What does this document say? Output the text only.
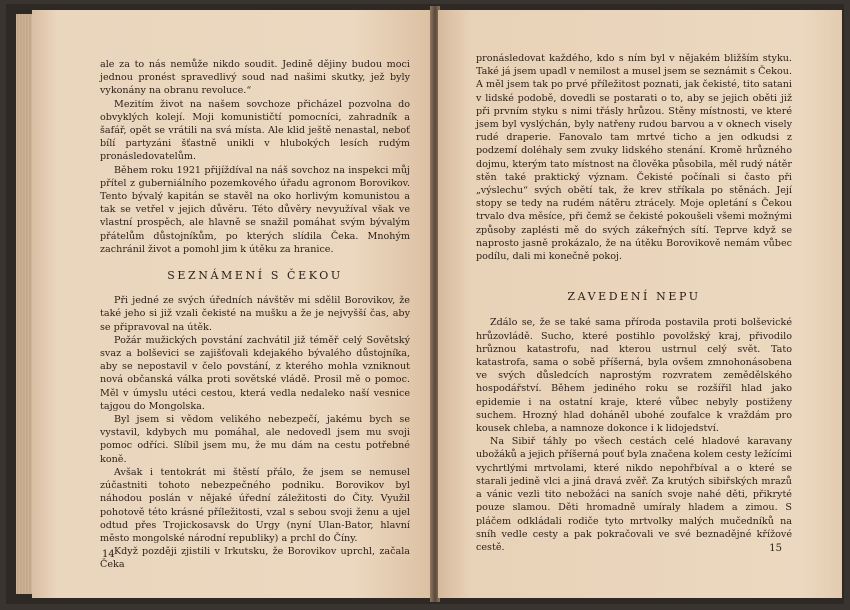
ale za to nás nemůže nikdo soudit. Jedině dějiny budou moci jednou pronést spravedlivý soud nad našimi skutky, jež byly vykonány na obranu revoluce.“

Mezitím život na našem sovchoze přicházel pozvolna do obvyklých kolejí. Moji komunističtí pomocníci, zahradník a šafář, opět se vrátili na svá místa. Ale klid ještě nenastal, neboť bílí partyzáni šťastně unikli v hlubokých lesích rudým pronásledovatelům.

Během roku 1921 přijíždíval na náš sovchoz na inspekci můj přítel z guberniálního pozemkového úřadu agronom Borovikov. Tento bývalý kapitán se stavěl na oko horlivým komunistou a tak se vetřel v jejich důvěru. Této důvěry nevyužíval však ve vlastní prospěch, ale hlavně se snažil pomáhat svým bývalým přátelům důstojníkům, po kterých slídila Čeka. Mnohým zachránil život a pomohl jim k útěku za hranice.

SEZNÁMENÍ S ČEKOU

Při jedné ze svých úředních návštěv mi sdělil Borovikov, že také jeho si již vzali čekisté na mušku a že je nejvyšší čas, aby se připravoval na útěk.

Požár mužických povstání zachvátil již téměř celý Sovětský svaz a bolševici se zajišťovali kdejakého bývalého důstojníka, aby se nepostavil v čelo povstání, z kterého mohla vzniknout nová občanská válka proti sovětské vládě. Prosil mě o pomoc. Měl v úmyslu utéci cestou, která vedla nedaleko naší vesnice tajgou do Mongolska.

Byl jsem si vědom velikého nebezpečí, jakému bych se vystavil, kdybych mu pomáhal, ale nedovedl jsem mu svoji pomoc odříci. Slíbil jsem mu, že mu dám na cestu potřebné koně.

Avšak i tentokrát mi štěstí přálo, že jsem se nemusel zúčastniti tohoto nebezpečného podniku. Borovikov byl náhodou poslán v nějaké úřední záležitosti do Čity. Využil pohotově této krásné příležitosti, vzal s sebou svoji ženu a ujel odtud přes Trojickosavsk do Urgy (nyní Ulan-Bator, hlavní město mongolské národní republiky) a prchl do Číny.

Když později zjistili v Irkutsku, že Borovikov uprchl, začala Čeka

14

pronásledovat každého, kdo s ním byl v nějakém bližším styku. Také já jsem upadl v nemilost a musel jsem se seznámit s Čekou. A měl jsem tak po prvé příležitost poznati, jak čekisté, tito satani v lidské podobě, dovedli se postarati o to, aby se jejich oběti již při prvním styku s nimi třásly hrůzou. Stěny místnosti, ve které jsem byl vyslýchán, byly natřeny rudou barvou a v oknech visely rudé draperie. Fanovalo tam mrtvé ticho a jen odkudsi z podzemí doléhaly sem zvuky lidského stenání. Kromě hrůzného dojmu, kterým tato místnost na člověka působila, měl rudý nátěr stěn také praktický význam. Čekisté počínali si často při „výslechu“ svých obětí tak, že krev stříkala po stěnách. Její stopy se tedy na rudém nátěru ztrácely. Moje opletání s Čekou trvalo dva měsíce, při čemž se čekisté pokoušeli všemi možnými způsoby zaplésti mě do svých zákeřných sítí. Teprve když se naprosto jasně prokázalo, že na útěku Borovikově nemám vůbec podílu, dali mi konečně pokoj.

ZAVEDENÍ NEPU

Zdálo se, že se také sama příroda postavila proti bolševické hrůzovládě. Sucho, které postihlo povolžský kraj, přivodilo hrůznou katastrofu, nad kterou ustrnul celý svět. Tato katastrofa, sama o sobě příšerná, byla ovšem zmnohonásobena ve svých důsledcích naprostým rozvratem zemědělského hospodářství. Během jediného roku se rozšířil hlad jako epidemie i na ostatní kraje, které vůbec nebyly postiženy suchem. Hrozný hlad doháněl ubohé zoufalce k vraždám pro kousek chleba, a namnoze dokonce i k lidojedství.

Na Sibiř táhly po všech cestách celé hladové karavany ubožáků a jejich příšerná pouť byla značena kolem cesty ležícími vychrtlými mrtvolami, které nikdo nepohřbíval a o které se starali jedině vlci a jiná dravá zvěř. Za krutých sibiřských mrazů a vánic vezli tito nebožáci na saních svoje nahé děti, přikryté pouze slamou. Děti hromadně umíraly hladem a zimou. S pláčem odkládali rodiče tyto mrtvolky malých mučedníků na sníh vedle cesty a pak pokračovali ve své beznadějné křížové cestě.	15
